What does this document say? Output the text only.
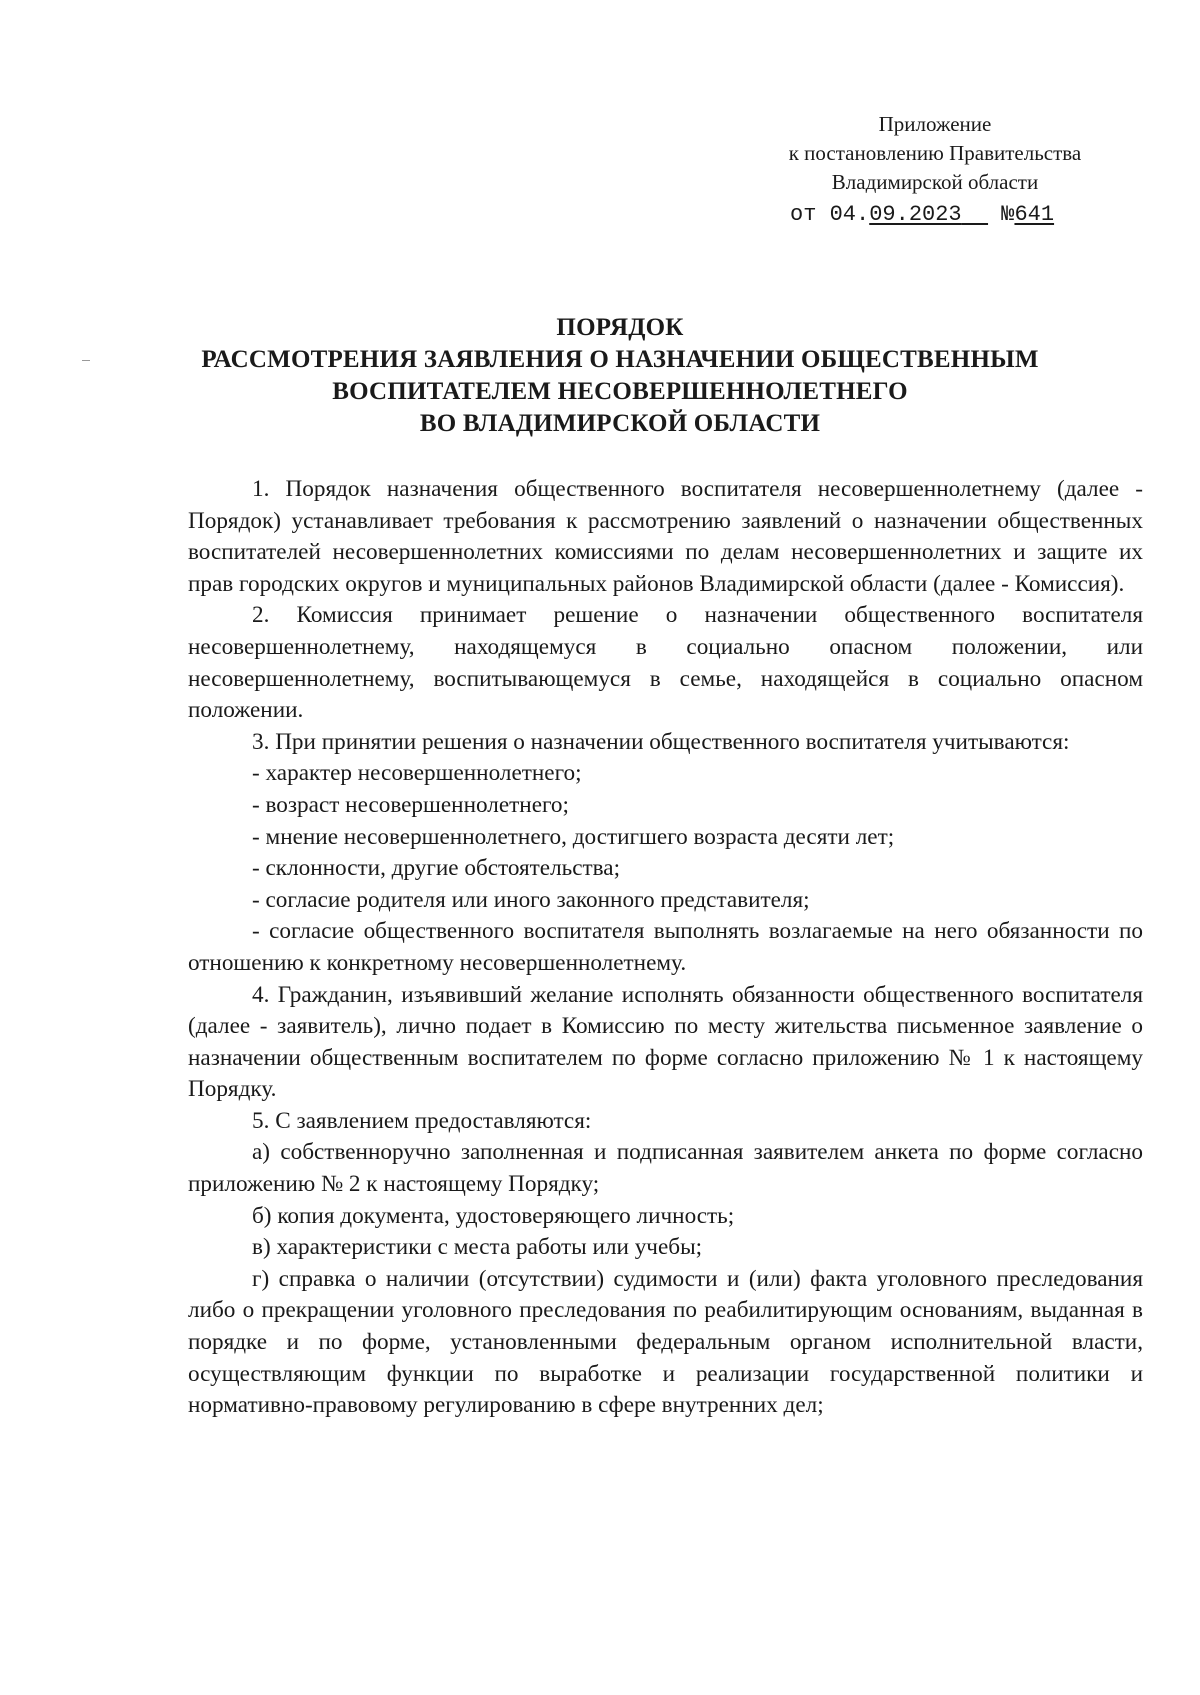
Приложение
к постановлению Правительства
Владимирской области
от 04.09.2023 №641
ПОРЯДОК
РАССМОТРЕНИЯ ЗАЯВЛЕНИЯ О НАЗНАЧЕНИИ ОБЩЕСТВЕННЫМ
ВОСПИТАТЕЛЕМ НЕСОВЕРШЕННОЛЕТНЕГО
ВО ВЛАДИМИРСКОЙ ОБЛАСТИ

1. Порядок назначения общественного воспитателя несовершеннолетнему (далее - Порядок) устанавливает требования к рассмотрению заявлений о назначении общественных воспитателей несовершеннолетних комиссиями по делам несовершеннолетних и защите их прав городских округов и муниципальных районов Владимирской области (далее - Комиссия).

2. Комиссия принимает решение о назначении общественного воспитателя несовершеннолетнему, находящемуся в социально опасном положении, или несовершеннолетнему, воспитывающемуся в семье, находящейся в социально опасном положении.

3. При принятии решения о назначении общественного воспитателя учитываются:

- характер несовершеннолетнего;

- возраст несовершеннолетнего;

- мнение несовершеннолетнего, достигшего возраста десяти лет;

- склонности, другие обстоятельства;

- согласие родителя или иного законного представителя;

- согласие общественного воспитателя выполнять возлагаемые на него обязанности по отношению к конкретному несовершеннолетнему.

4. Гражданин, изъявивший желание исполнять обязанности общественного воспитателя (далее - заявитель), лично подает в Комиссию по месту жительства письменное заявление о назначении общественным воспитателем по форме согласно приложению № 1 к настоящему Порядку.

5. С заявлением предоставляются:

а) собственноручно заполненная и подписанная заявителем анкета по форме согласно приложению № 2 к настоящему Порядку;

б) копия документа, удостоверяющего личность;

в) характеристики с места работы или учебы;

г) справка о наличии (отсутствии) судимости и (или) факта уголовного преследования либо о прекращении уголовного преследования по реабилитирующим основаниям, выданная в порядке и по форме, установленными федеральным органом исполнительной власти, осуществляющим функции по выработке и реализации государственной политики и нормативно-правовому регулированию в сфере внутренних дел;
